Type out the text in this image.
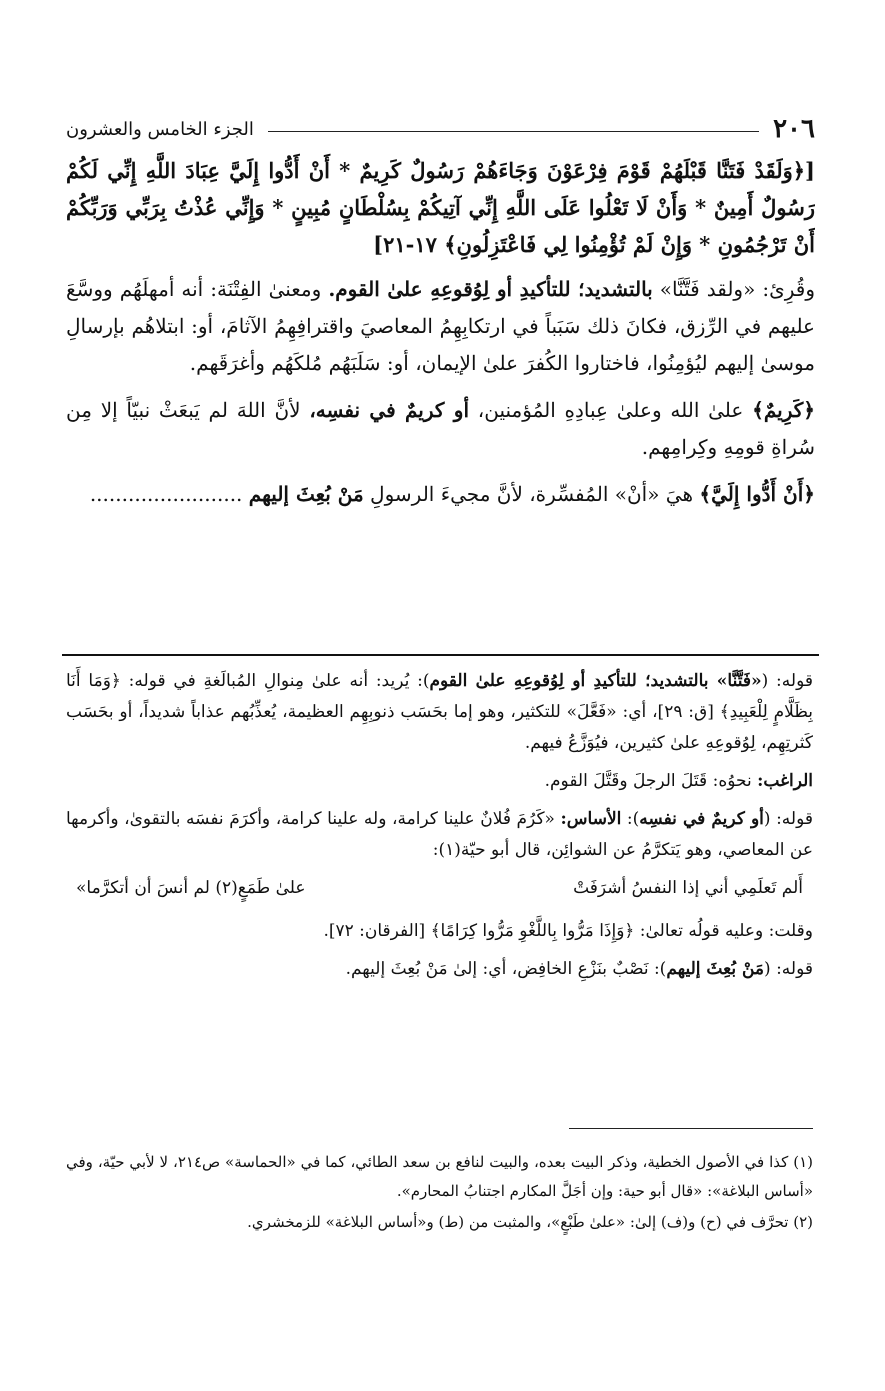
٢٠٦
الجزء الخامس والعشرون

[﴿وَلَقَدْ فَتَنَّا قَبْلَهُمْ قَوْمَ فِرْعَوْنَ وَجَاءَهُمْ رَسُولٌ كَرِيمٌ * أَنْ أَدُّوا إِلَيَّ عِبَادَ اللَّهِ إِنِّي لَكُمْ رَسُولٌ أَمِينٌ * وَأَنْ لَا تَعْلُوا عَلَى اللَّهِ إِنِّي آتِيكُمْ بِسُلْطَانٍ مُبِينٍ * وَإِنِّي عُذْتُ بِرَبِّي وَرَبِّكُمْ أَنْ تَرْجُمُونِ * وَإِنْ لَمْ تُؤْمِنُوا لِي فَاعْتَزِلُونِ﴾ ١٧-٢١]

وقُرِئ: «ولقد فَتَّنَّا» بالتشديد؛ للتأكيدِ أو لِوُقوعِهِ علىٰ القوم. ومعنىٰ الفِتْنَة: أنه أمهلَهُم ووسَّعَ عليهم في الرِّزق، فكانَ ذلك سَبَباً في ارتكابِهِمُ المعاصيَ واقترافِهِمُ الآثامَ، أو: ابتلاهُم بإرسالِ موسىٰ إليهم ليُؤمِنُوا، فاختاروا الكُفرَ علىٰ الإيمان، أو: سَلَبَهُم مُلكَهُم وأغرَقَهم.

﴿كَرِيمٌ﴾ علىٰ الله وعلىٰ عِبادِهِ المُؤمنين، أو كريمٌ في نفسِه، لأنَّ اللهَ لم يَبعَثْ نبيّاً إلا مِن سُراةِ قومِهِ وكِرامِهم.

﴿أَنْ أَدُّوا إِلَيَّ﴾ هيَ «أنْ» المُفسِّرة، لأنَّ مجيءَ الرسولِ مَنْ بُعِثَ إليهم ........................

قوله: («فَتَّنَّا» بالتشديد؛ للتأكيدِ أو لِوُقوعِهِ علىٰ القوم): يُريد: أنه علىٰ مِنوالِ المُبالَغةِ في قوله: ﴿وَمَا أَنَا بِظَلَّامٍ لِلْعَبِيدِ﴾ [ق: ٢٩]، أي: «فَعَّلَ» للتكثير، وهو إما بحَسَب ذنوبِهِم العظيمة، يُعذِّبُهم عذاباً شديداً، أو بحَسَب كَثرتِهِم، لِوُقوعِهِ علىٰ كثيرين، فيُوَزَّعُ فيهم.

الراغب: نحوُه: قَتَلَ الرجلَ وقَتَّلَ القوم.

قوله: (أو كريمٌ في نفسِه): الأساس: «كَرُمَ فُلانٌ علينا كرامة، وله علينا كرامة، وأكرَمَ نفسَه بالتقوىٰ، وأكرمها عن المعاصي، وهو يَتكرَّمُ عن الشوائِن، قال أبو حيّة(١):

أَلم تَعلَمِي أني إذا النفسُ أشرَفَتْ
علىٰ طَمَعٍ(٢) لم أنسَ أن أتكرَّما»

وقلت: وعليه قولُه تعالىٰ: ﴿وَإِذَا مَرُّوا بِاللَّغْوِ مَرُّوا كِرَامًا﴾ [الفرقان: ٧٢].

قوله: (مَنْ بُعِثَ إليهم): نَصْبٌ بنَزْعِ الخافِض، أي: إلىٰ مَنْ بُعِثَ إليهم.

(١) كذا في الأصول الخطية، وذكر البيت بعده، والبيت لنافع بن سعد الطائي، كما في «الحماسة» ص٢١٤، لا لأبي حيّة، وفي «أساس البلاغة»: «قال أبو حية: وإن أجَلَّ المكارم اجتنابُ المحارم».

(٢) تحرَّف في (ح) و(ف) إلىٰ: «علىٰ طَبْعٍ»، والمثبت من (ط) و«أساس البلاغة» للزمخشري.
